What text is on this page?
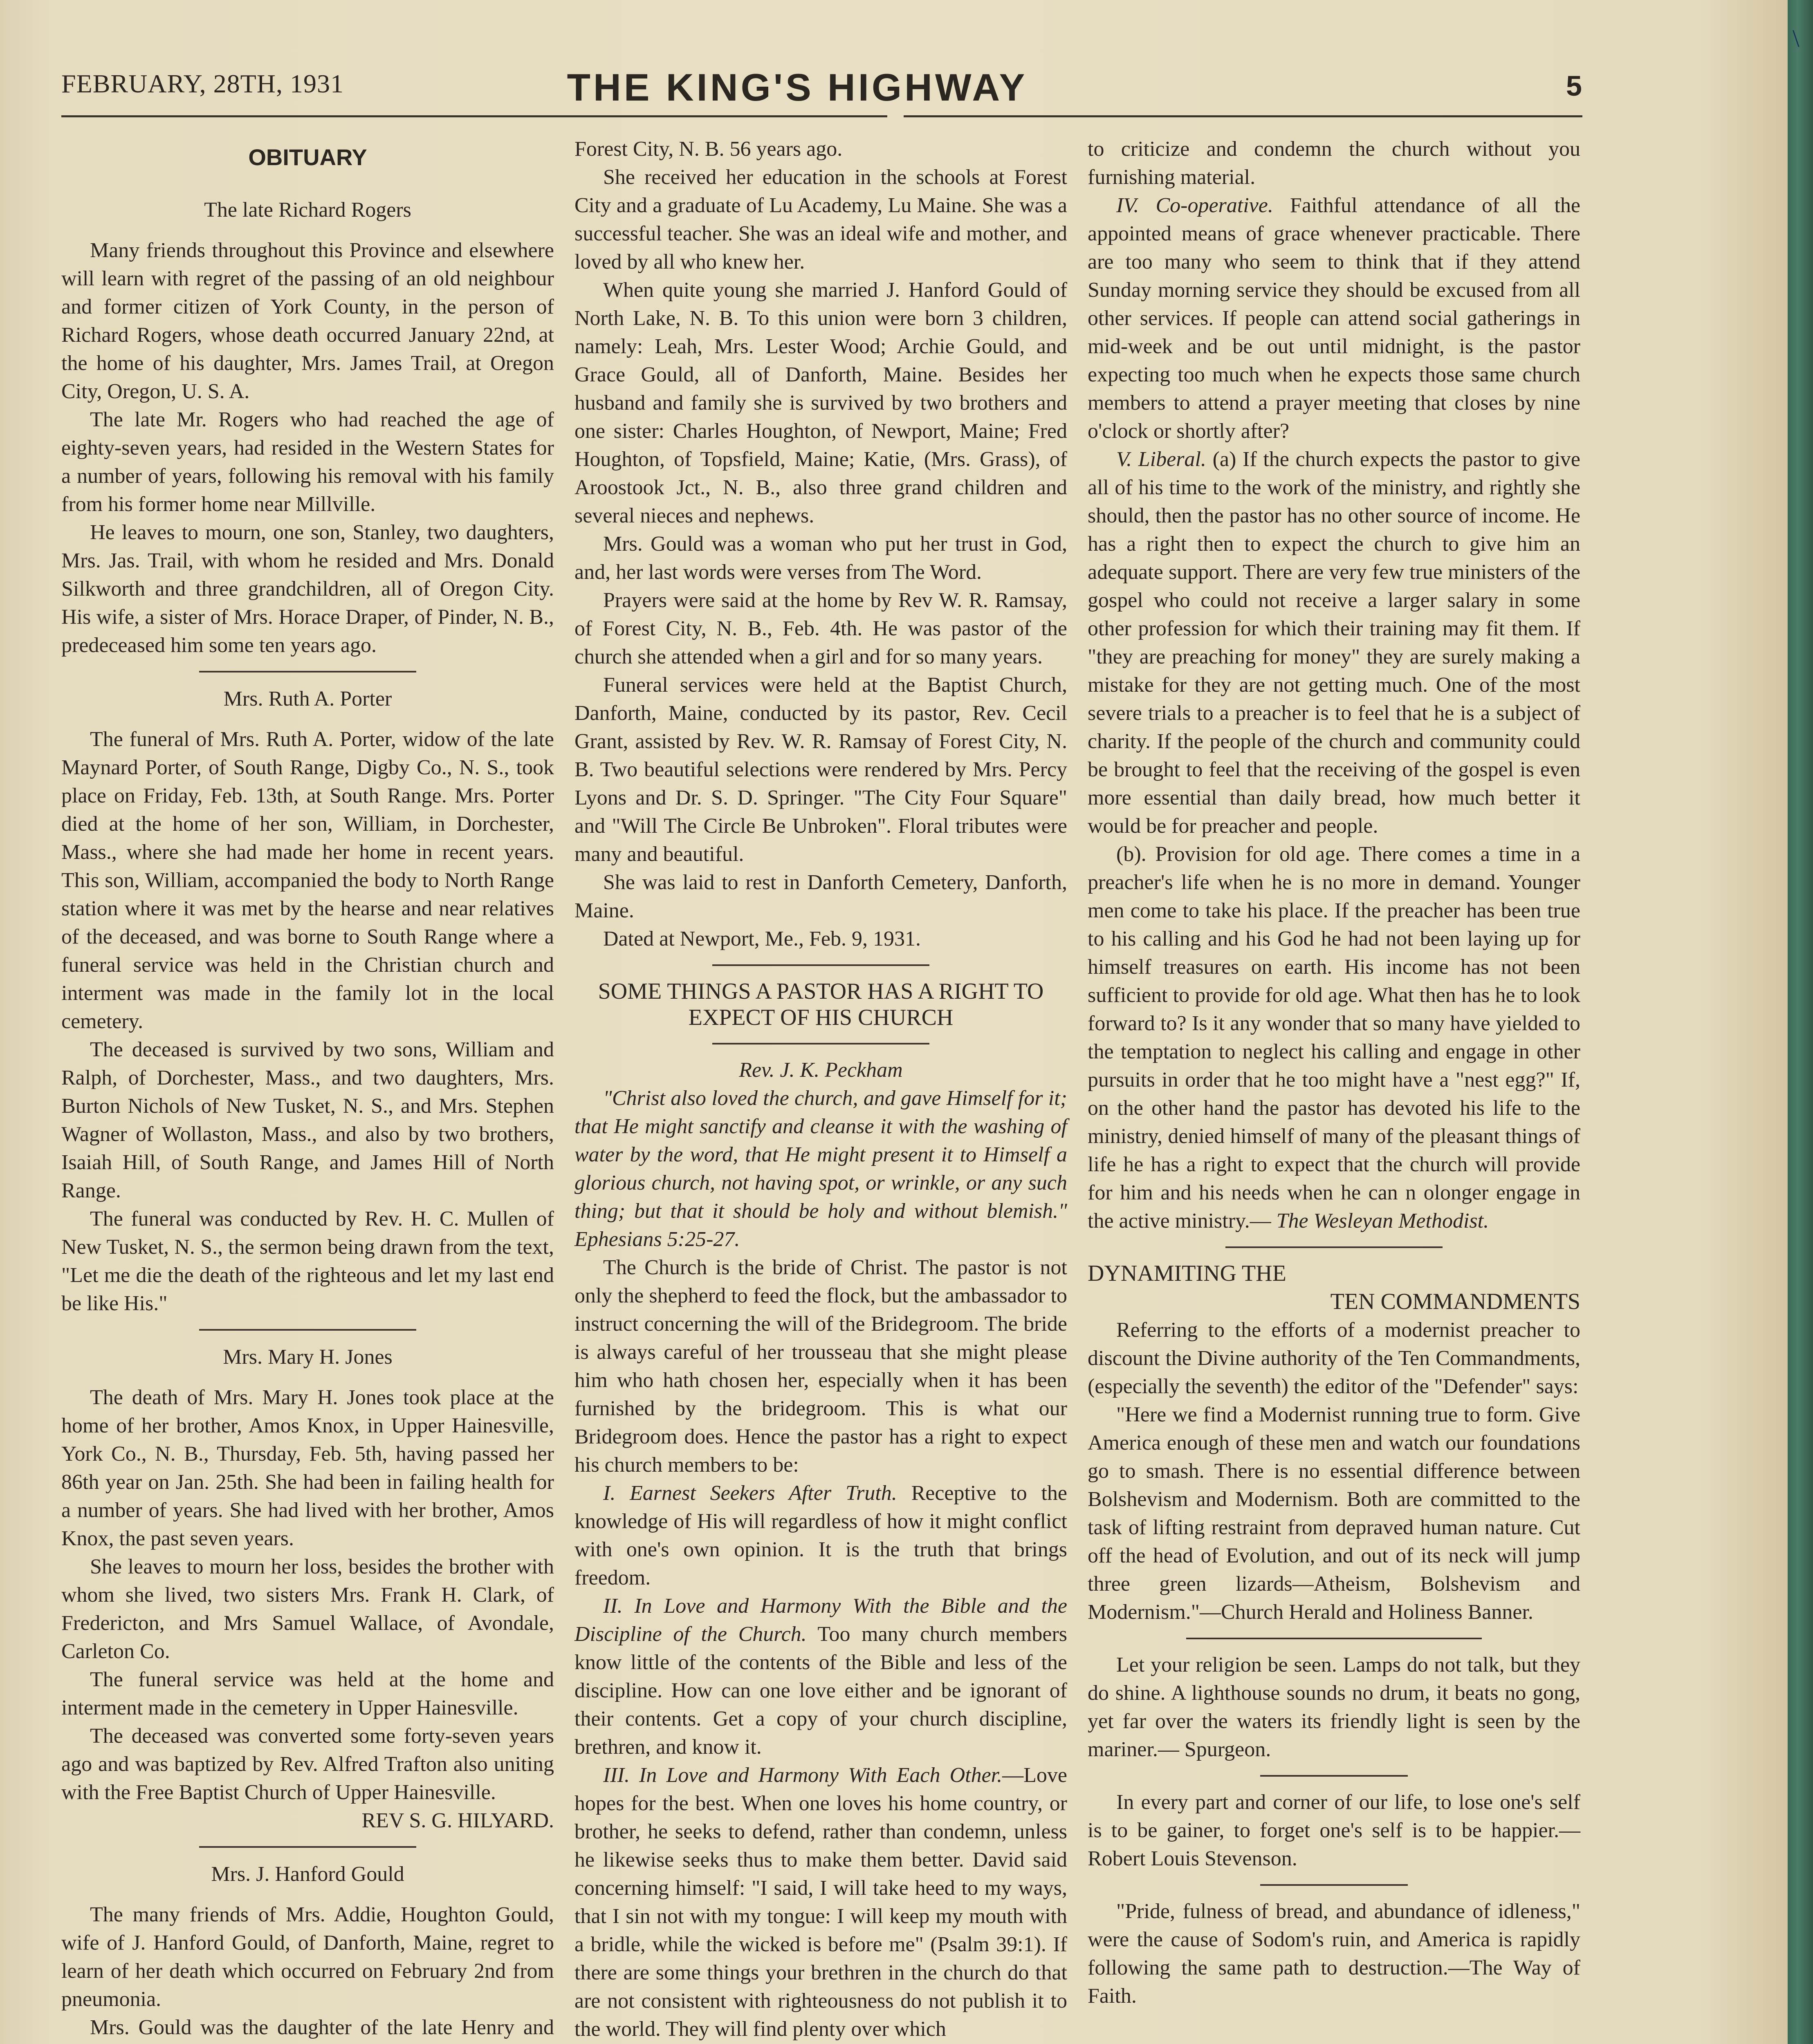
FEBRUARY, 28TH, 1931	THE KING'S HIGHWAY	5
OBITUARY

The late Richard Rogers

Many friends throughout this Province and elsewhere will learn with regret of the passing of an old neighbour and former citizen of York County, in the person of Richard Rogers, whose death occurred January 22nd, at the home of his daughter, Mrs. James Trail, at Oregon City, Oregon, U. S. A.

The late Mr. Rogers who had reached the age of eighty-seven years, had resided in the Western States for a number of years, following his removal with his family from his former home near Millville.

He leaves to mourn, one son, Stanley, two daughters, Mrs. Jas. Trail, with whom he resided and Mrs. Donald Silkworth and three grandchildren, all of Oregon City. His wife, a sister of Mrs. Horace Draper, of Pinder, N. B., predeceased him some ten years ago.

Mrs. Ruth A. Porter

The funeral of Mrs. Ruth A. Porter, widow of the late Maynard Porter, of South Range, Digby Co., N. S., took place on Friday, Feb. 13th, at South Range. Mrs. Porter died at the home of her son, William, in Dorchester, Mass., where she had made her home in recent years. This son, William, accompanied the body to North Range station where it was met by the hearse and near relatives of the deceased, and was borne to South Range where a funeral service was held in the Christian church and interment was made in the family lot in the local cemetery.

The deceased is survived by two sons, William and Ralph, of Dorchester, Mass., and two daughters, Mrs. Burton Nichols of New Tusket, N. S., and Mrs. Stephen Wagner of Wollaston, Mass., and also by two brothers, Isaiah Hill, of South Range, and James Hill of North Range.

The funeral was conducted by Rev. H. C. Mullen of New Tusket, N. S., the sermon being drawn from the text, "Let me die the death of the righteous and let my last end be like His."

Mrs. Mary H. Jones

The death of Mrs. Mary H. Jones took place at the home of her brother, Amos Knox, in Upper Hainesville, York Co., N. B., Thursday, Feb. 5th, having passed her 86th year on Jan. 25th. She had been in failing health for a number of years. She had lived with her brother, Amos Knox, the past seven years.

She leaves to mourn her loss, besides the brother with whom she lived, two sisters Mrs. Frank H. Clark, of Fredericton, and Mrs Samuel Wallace, of Avondale, Carleton Co.

The funeral service was held at the home and interment made in the cemetery in Upper Hainesville.

The deceased was converted some forty-seven years ago and was baptized by Rev. Alfred Trafton also uniting with the Free Baptist Church of Upper Hainesville.

REV S. G. HILYARD.

Mrs. J. Hanford Gould

The many friends of Mrs. Addie, Houghton Gould, wife of J. Hanford Gould, of Danforth, Maine, regret to learn of her death which occurred on February 2nd from pneumonia.

Mrs. Gould was the daughter of the late Henry and

Forest City, N. B. 56 years ago.

She received her education in the schools at Forest City and a graduate of Lu Academy, Lu Maine. She was a successful teacher. She was an ideal wife and mother, and loved by all who knew her.

When quite young she married J. Hanford Gould of North Lake, N. B. To this union were born 3 children, namely: Leah, Mrs. Lester Wood; Archie Gould, and Grace Gould, all of Danforth, Maine. Besides her husband and family she is survived by two brothers and one sister: Charles Houghton, of Newport, Maine; Fred Houghton, of Topsfield, Maine; Katie, (Mrs. Grass), of Aroostook Jct., N. B., also three grand children and several nieces and nephews.

Mrs. Gould was a woman who put her trust in God, and, her last words were verses from The Word.

Prayers were said at the home by Rev W. R. Ramsay, of Forest City, N. B., Feb. 4th. He was pastor of the church she attended when a girl and for so many years.

Funeral services were held at the Baptist Church, Danforth, Maine, conducted by its pastor, Rev. Cecil Grant, assisted by Rev. W. R. Ramsay of Forest City, N. B. Two beautiful selections were rendered by Mrs. Percy Lyons and Dr. S. D. Springer. "The City Four Square" and "Will The Circle Be Unbroken". Floral tributes were many and beautiful.

She was laid to rest in Danforth Cemetery, Danforth, Maine.

Dated at Newport, Me., Feb. 9, 1931.

SOME THINGS A PASTOR HAS A RIGHT TO EXPECT OF HIS CHURCH

Rev. J. K. Peckham

"Christ also loved the church, and gave Himself for it; that He might sanctify and cleanse it with the washing of water by the word, that He might present it to Himself a glorious church, not having spot, or wrinkle, or any such thing; but that it should be holy and without blemish." Ephesians 5:25-27.

The Church is the bride of Christ. The pastor is not only the shepherd to feed the flock, but the ambassador to instruct concerning the will of the Bridegroom. The bride is always careful of her trousseau that she might please him who hath chosen her, especially when it has been furnished by the bridegroom. This is what our Bridegroom does. Hence the pastor has a right to expect his church members to be:

I. Earnest Seekers After Truth. Receptive to the knowledge of His will regardless of how it might conflict with one's own opinion. It is the truth that brings freedom.

II. In Love and Harmony With the Bible and the Discipline of the Church. Too many church members know little of the contents of the Bible and less of the discipline. How can one love either and be ignorant of their contents. Get a copy of your church discipline, brethren, and know it.

III. In Love and Harmony With Each Other.—Love hopes for the best. When one loves his home country, or brother, he seeks to defend, rather than condemn, unless he likewise seeks thus to make them better. David said concerning himself: "I said, I will take heed to my ways, that I sin not with my tongue: I will keep my mouth with a bridle, while the wicked is before me" (Psalm 39:1). If there are some things your brethren in the church do that are not consistent with righteousness do not publish it to the world. They will find plenty over which

to criticize and condemn the church without you furnishing material.

IV. Co-operative. Faithful attendance of all the appointed means of grace whenever practicable. There are too many who seem to think that if they attend Sunday morning service they should be excused from all other services. If people can attend social gatherings in mid-week and be out until midnight, is the pastor expecting too much when he expects those same church members to attend a prayer meeting that closes by nine o'clock or shortly after?

V. Liberal. (a) If the church expects the pastor to give all of his time to the work of the ministry, and rightly she should, then the pastor has no other source of income. He has a right then to expect the church to give him an adequate support. There are very few true ministers of the gospel who could not receive a larger salary in some other profession for which their training may fit them. If "they are preaching for money" they are surely making a mistake for they are not getting much. One of the most severe trials to a preacher is to feel that he is a subject of charity. If the people of the church and community could be brought to feel that the receiving of the gospel is even more essential than daily bread, how much better it would be for preacher and people.

(b). Provision for old age. There comes a time in a preacher's life when he is no more in demand. Younger men come to take his place. If the preacher has been true to his calling and his God he had not been laying up for himself treasures on earth. His income has not been sufficient to provide for old age. What then has he to look forward to? Is it any wonder that so many have yielded to the temptation to neglect his calling and engage in other pursuits in order that he too might have a "nest egg?" If, on the other hand the pastor has devoted his life to the ministry, denied himself of many of the pleasant things of life he has a right to expect that the church will provide for him and his needs when he can n olonger engage in the active ministry.— The Wesleyan Methodist.

DYNAMITING THE

TEN COMMANDMENTS

Referring to the efforts of a modernist preacher to discount the Divine authority of the Ten Commandments, (especially the seventh) the editor of the "Defender" says:

"Here we find a Modernist running true to form. Give America enough of these men and watch our foundations go to smash. There is no essential difference between Bolshevism and Modernism. Both are committed to the task of lifting restraint from depraved human nature. Cut off the head of Evolution, and out of its neck will jump three green lizards—Atheism, Bolshevism and Modernism."—Church Herald and Holiness Banner.

Let your religion be seen. Lamps do not talk, but they do shine. A lighthouse sounds no drum, it beats no gong, yet far over the waters its friendly light is seen by the mariner.— Spurgeon.

In every part and corner of our life, to lose one's self is to be gainer, to forget one's self is to be happier.—Robert Louis Stevenson.

"Pride, fulness of bread, and abundance of idleness," were the cause of Sodom's ruin, and America is rapidly following the same path to destruction.—The Way of Faith.

\
